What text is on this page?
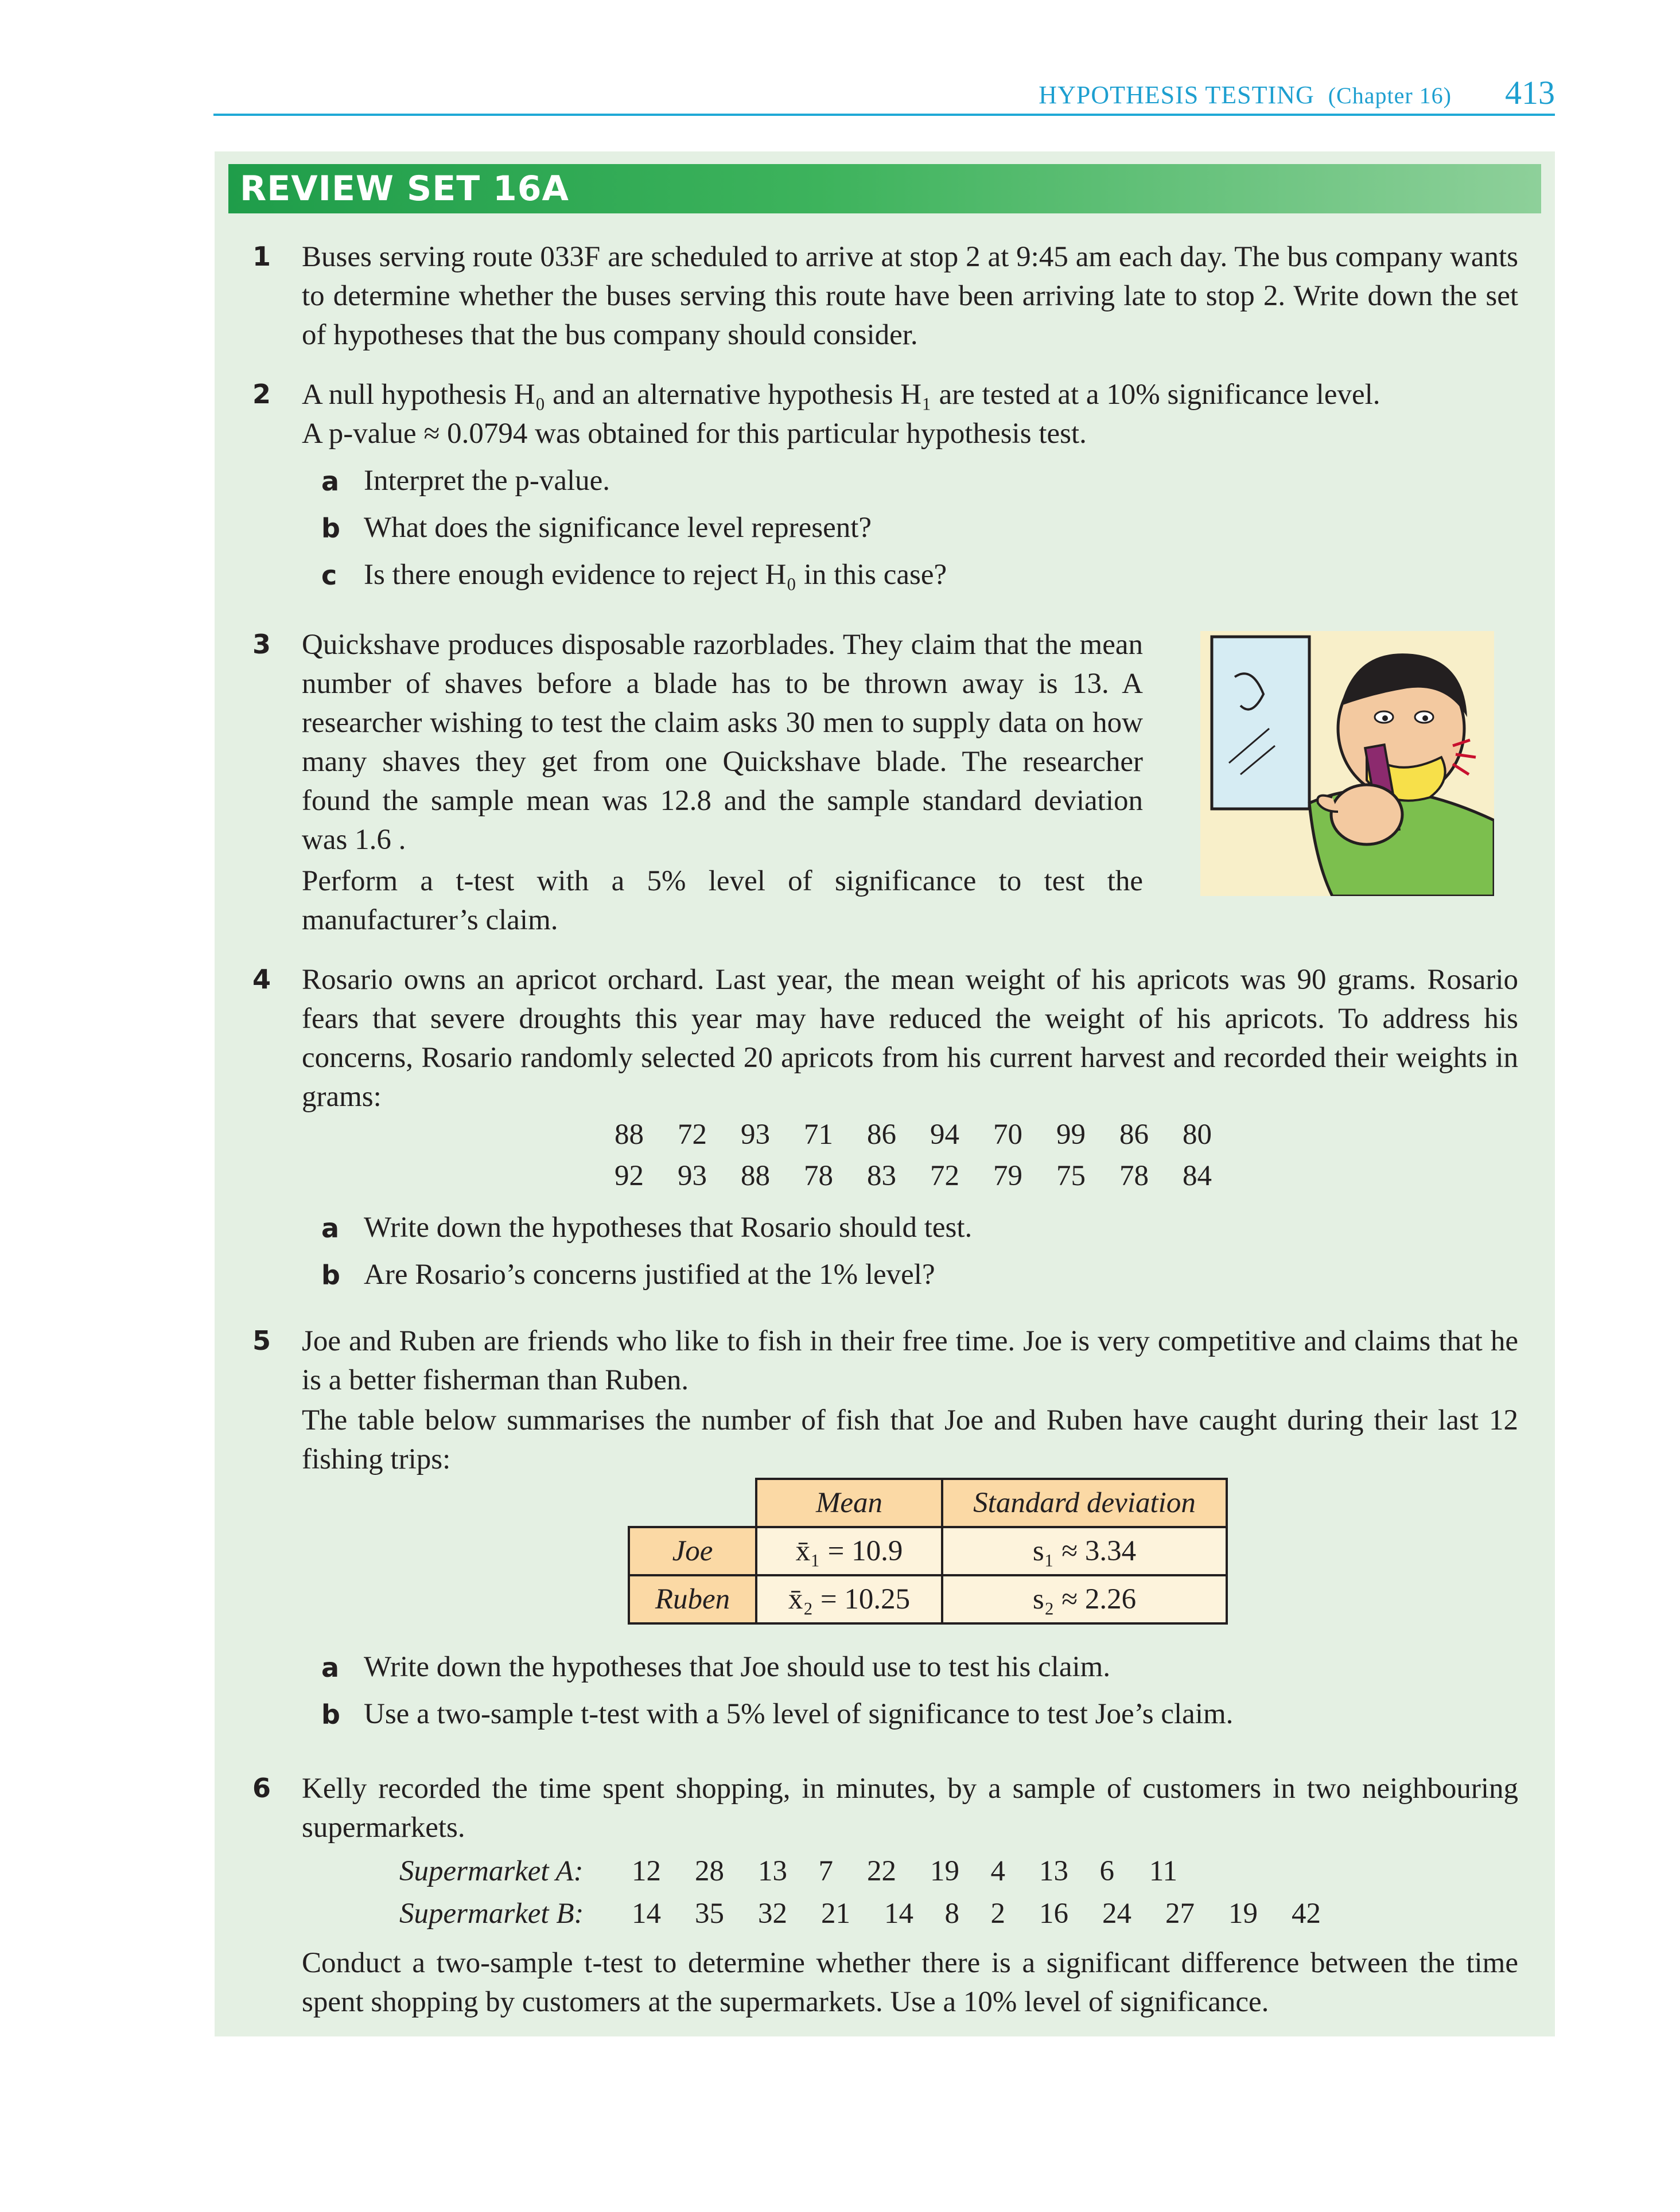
HYPOTHESIS TESTING (Chapter 16) 413
REVIEW SET 16A
1 Buses serving route 033F are scheduled to arrive at stop 2 at 9:45 am each day. The bus company wants to determine whether the buses serving this route have been arriving late to stop 2. Write down the set of hypotheses that the bus company should consider.
2 A null hypothesis H₀ and an alternative hypothesis H₁ are tested at a 10% significance level.
A p-value ≈ 0.0794 was obtained for this particular hypothesis test.
a Interpret the p-value.
b What does the significance level represent?
c Is there enough evidence to reject H₀ in this case?
3 Quickshave produces disposable razorblades. They claim that the mean number of shaves before a blade has to be thrown away is 13. A researcher wishing to test the claim asks 30 men to supply data on how many shaves they get from one Quickshave blade. The researcher found the sample mean was 12.8 and the sample standard deviation was 1.6 .
Perform a t-test with a 5% level of significance to test the manufacturer’s claim.
4 Rosario owns an apricot orchard. Last year, the mean weight of his apricots was 90 grams. Rosario fears that severe droughts this year may have reduced the weight of his apricots. To address his concerns, Rosario randomly selected 20 apricots from his current harvest and recorded their weights in grams:
88 72 93 71 86 94 70 99 86 80
92 93 88 78 83 72 79 75 78 84
a Write down the hypotheses that Rosario should test.
b Are Rosario’s concerns justified at the 1% level?
5 Joe and Ruben are friends who like to fish in their free time. Joe is very competitive and claims that he is a better fisherman than Ruben.
The table below summarises the number of fish that Joe and Ruben have caught during their last 12 fishing trips:
	Mean	Standard deviation
Joe	x̄₁ = 10.9	s₁ ≈ 3.34
Ruben	x̄₂ = 10.25	s₂ ≈ 2.26
a Write down the hypotheses that Joe should use to test his claim.
b Use a two-sample t-test with a 5% level of significance to test Joe’s claim.
6 Kelly recorded the time spent shopping, in minutes, by a sample of customers in two neighbouring supermarkets.
Supermarket A: 12 28 13 7 22 19 4 13 6 11
Supermarket B: 14 35 32 21 14 8 2 16 24 27 19 42
Conduct a two-sample t-test to determine whether there is a significant difference between the time spent shopping by customers at the supermarkets. Use a 10% level of significance.
